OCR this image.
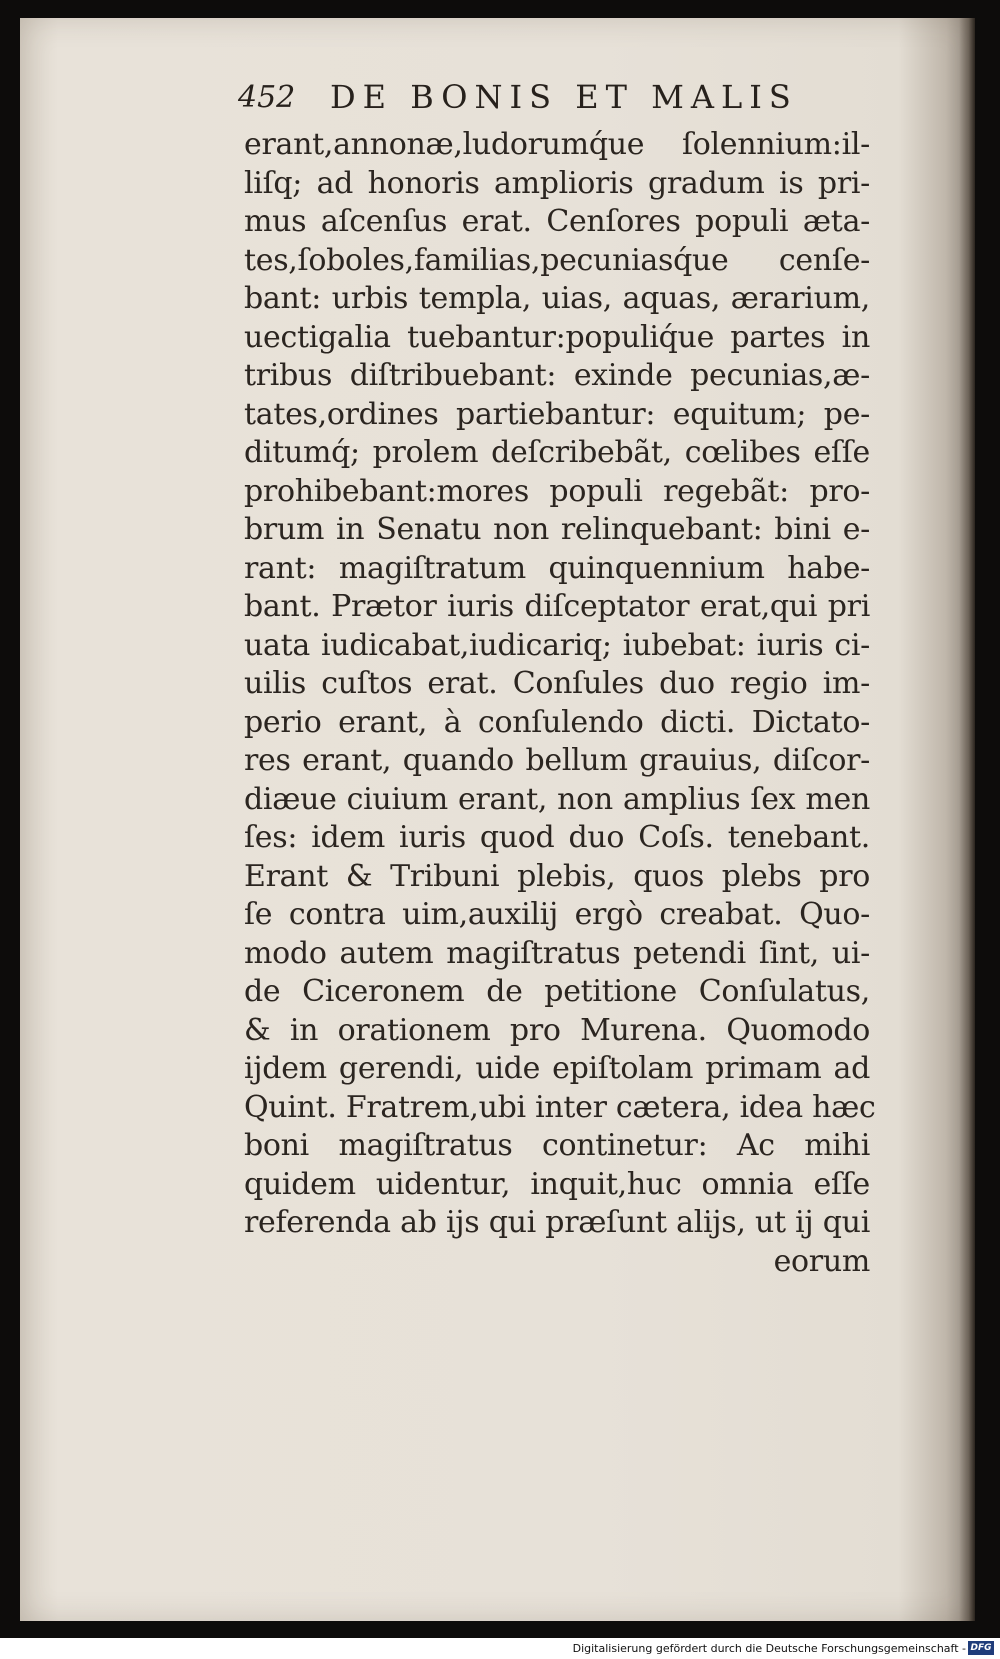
452 DE BONIS ET MALIS
erant,annonæ,ludorumq́ue ſolennium:il-
liſq; ad honoris amplioris gradum is pri-
mus aſcenſus erat. Cenſores populi æta-
tes,ſoboles,familias,pecuniasq́ue cenſe-
bant: urbis templa, uias, aquas, ærarium,
uectigalia tuebantur:populiq́ue partes in
tribus diſtribuebant: exinde pecunias,æ-
tates,ordines partiebantur: equitum; pe-
ditumq́; prolem deſcribebãt, cœlibes eſſe
prohibebant:mores populi regebãt: pro-
brum in Senatu non relinquebant: bini e-
rant: magiſtratum quinquennium habe-
bant. Prætor iuris diſceptator erat,qui pri
uata iudicabat,iudicariq; iubebat: iuris ci-
uilis cuſtos erat. Conſules duo regio im-
perio erant, à conſulendo dicti. Dictato-
res erant, quando bellum grauius, diſcor-
diæue ciuium erant, non amplius ſex men
ſes: idem iuris quod duo Coſs. tenebant.
Erant & Tribuni plebis, quos plebs pro
ſe contra uim,auxilij ergò creabat. Quo-
modo autem magiſtratus petendi ſint, ui-
de Ciceronem de petitione Conſulatus,
& in orationem pro Murena. Quomodo
ijdem gerendi, uide epiſtolam primam ad
Quint. Fratrem,ubi inter cætera, idea hæc
boni magiſtratus continetur: Ac mihi
quidem uidentur, inquit,huc omnia eſſe
referenda ab ijs qui præſunt alijs, ut ij qui
eorum
Digitalisierung gefördert durch die Deutsche Forschungsgemeinschaft - DFG
